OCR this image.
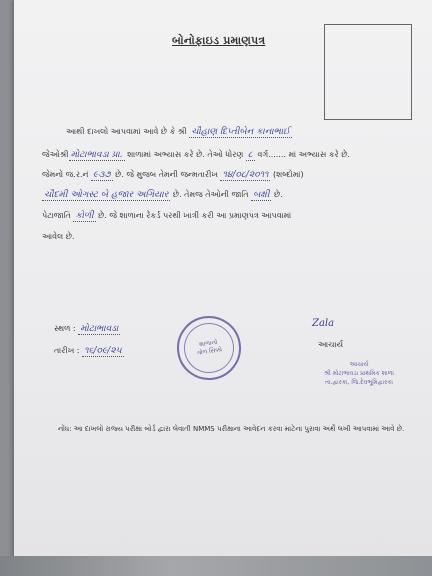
બોનોફાઇડ પ્રમાણપત્ર
આથી દાખલો આપવામાં આવે છે કે શ્રી ચૌહાણ દિપ્તીબેન કાનાભાઈ
જેઓશ્રી મોટાભાવડા પ્રા. શાળામાં અભ્યાસ કરે છે. તેઓ ધોરણ ૮ વર્ગ....... માં અભ્યાસ કરે છે.
જેમનો જ.ર.નં ૯૩૭ છે. જે મુજબ તેમની જન્મતારીખ ૧૪/૦૮/૨૦૧૧ (શબ્દોમાં)
ચૌદમી ઓગસ્ટ બે હજાર અગિયાર છે. તેમજ તેઓની જાતિ બક્ષી છે.
પેટાજાતિ કોળી છે. જે શાળાના રેકર્ડ પરથી ખાત્રી કરી આ પ્રમાણપત્ર આપવામાં
આવેલ છે.
સ્થળ : મોટાભાવડા
તારીખ : ૧૬/૦૯/૨૫
શાળાનો
ગોળ સિક્કો
Zala
આચાર્ય
આચાર્ય
શ્રી મોટાભાવડા પ્રાથમિક શાળા
તા.દ્વારકા, જિ.દેવભૂમિદ્વારકા
નોંધ: આ દાખલો રાજ્ય પરીક્ષા બોર્ડ દ્વારા લેવાતી NMMS પરીક્ષાના આવેદન કરવા માટેના પુરાવા અર્થે લખી આપવામાં આવે છે.
